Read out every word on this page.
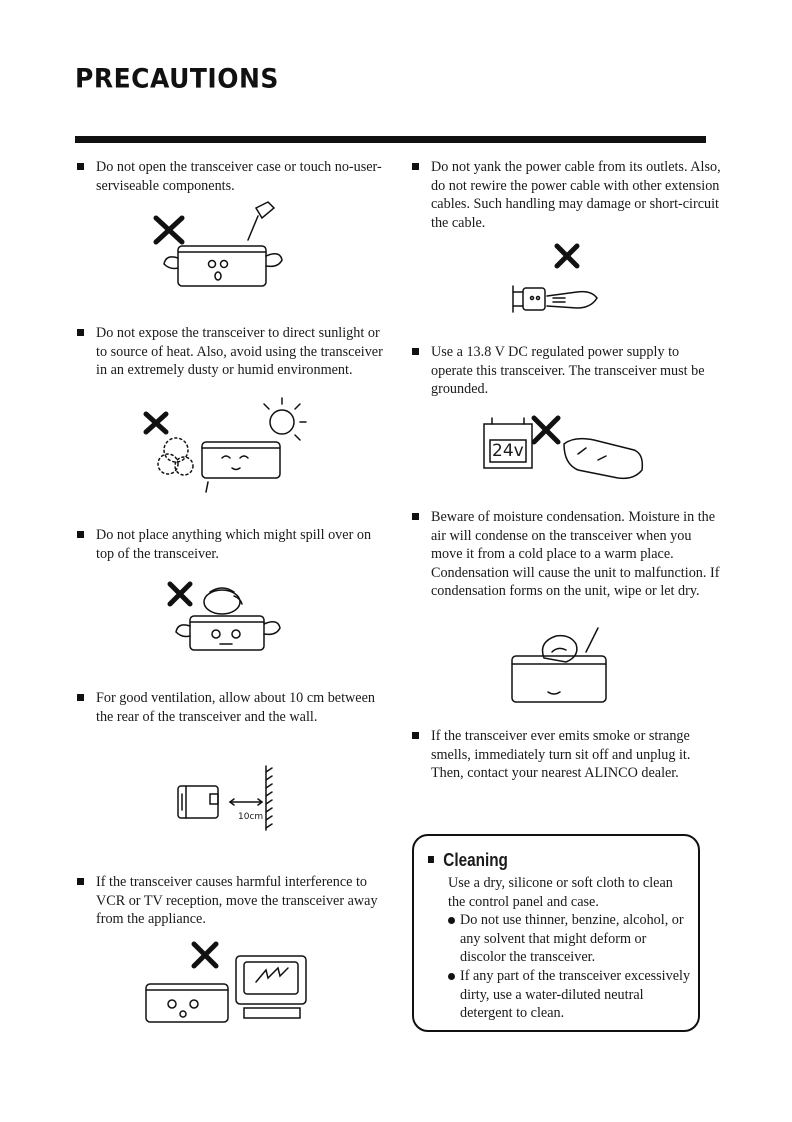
PRECAUTIONS

Do not open the transceiver case or touch no-user-serviseable components.

Do not expose the transceiver to direct sunlight or to source of heat. Also, avoid using the transceiver in an extremely dusty or humid environment.

Do not place anything which might spill over on top of the transceiver.

For good ventilation, allow about 10 cm between the rear of the transceiver and the wall.

10cm

If the transceiver causes harmful interference to VCR or TV reception, move the transceiver away from the appliance.

Do not yank the power cable from its outlets. Also, do not rewire the power cable with other extension cables. Such handling may damage or short-circuit the cable.

Use a 13.8 V DC regulated power supply to operate this transceiver. The transceiver must be grounded.

24v

Beware of moisture condensation. Moisture in the air will condense on the transceiver when you move it from a cold place to a warm place. Condensation will cause the unit to malfunction. If condensation forms on the unit, wipe or let dry.

If the transceiver ever emits smoke or strange smells, immediately turn sit off and unplug it. Then, contact your nearest ALINCO dealer.

Cleaning

Use a dry, silicone or soft cloth to clean the control panel and case.

Do not use thinner, benzine, alcohol, or any solvent that might deform or discolor the transceiver.
If any part of the transceiver excessively dirty, use a water-diluted neutral detergent to clean.
